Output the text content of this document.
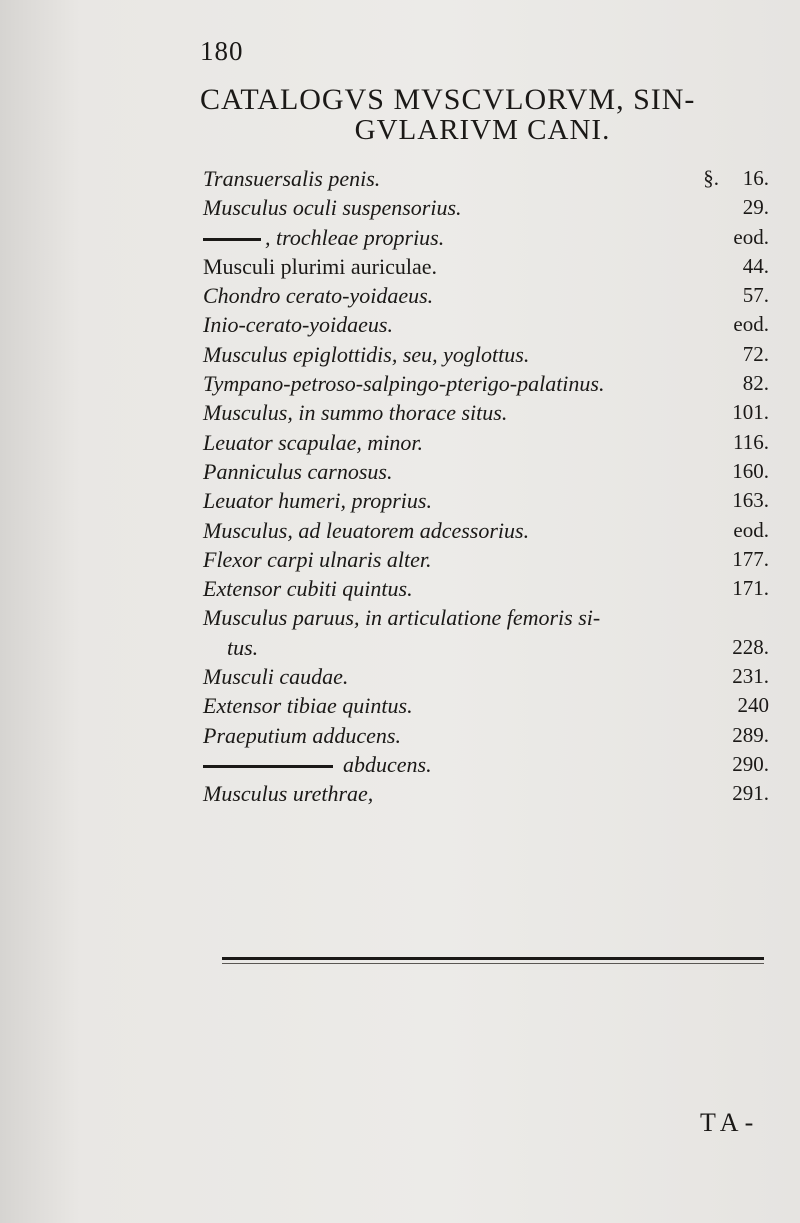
180
CATALOGVS MVSCVLORVM, SIN-
GVLARIVM CANI.
Transuersalis penis.	§. 16.
Musculus oculi suspensorius.	29.
, trochleae proprius.	eod.
Musculi plurimi auriculae.	44.
Chondro cerato-yoidaeus.	57.
Inio-cerato-yoidaeus.	eod.
Musculus epiglottidis, seu, yoglottus.	72.
Tympano-petroso-salpingo-pterigo-palatinus.	82.
Musculus, in summo thorace situs.	101.
Leuator scapulae, minor.	116.
Panniculus carnosus.	160.
Leuator humeri, proprius.	163.
Musculus, ad leuatorem adcessorius.	eod.
Flexor carpi ulnaris alter.	177.
Extensor cubiti quintus.	171.
Musculus paruus, in articulatione femoris si-
tus.	228.
Musculi caudae.	231.
Extensor tibiae quintus.	240
Praeputium adducens.	289.
abducens.	290.
Musculus urethrae,	291.
TA-
